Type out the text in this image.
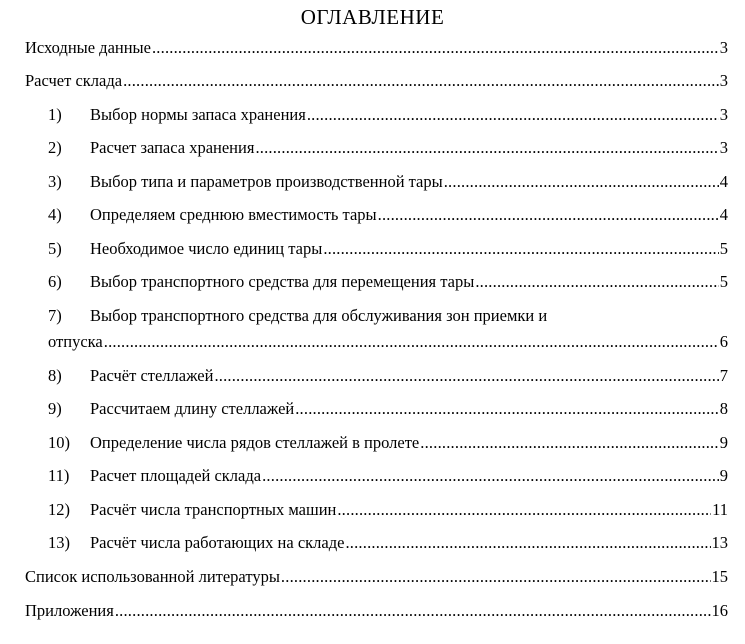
ОГЛАВЛЕНИЕ
Исходные данные .....	3
Расчет склада .....	3
1)	Выбор нормы запаса хранения .....	3
2)	Расчет запаса хранения .....	3
3)	Выбор типа и параметров производственной тары .....	4
4)	Определяем среднюю вместимость тары .....	4
5)	Необходимое число единиц тары .....	5
6)	Выбор транспортного средства для перемещения тары .....	5
7) Выбор транспортного средства для обслуживания зон приемки и
отпуска .....	6
8)	Расчёт стеллажей .....	7
9)	Рассчитаем длину стеллажей .....	8
10)	Определение числа рядов стеллажей в пролете .....	9
11)	Расчет площадей склада .....	9
12)	Расчёт числа транспортных машин .....	11
13)	Расчёт числа работающих на складе .....	13
Список использованной литературы .....	15
Приложения .....	16
